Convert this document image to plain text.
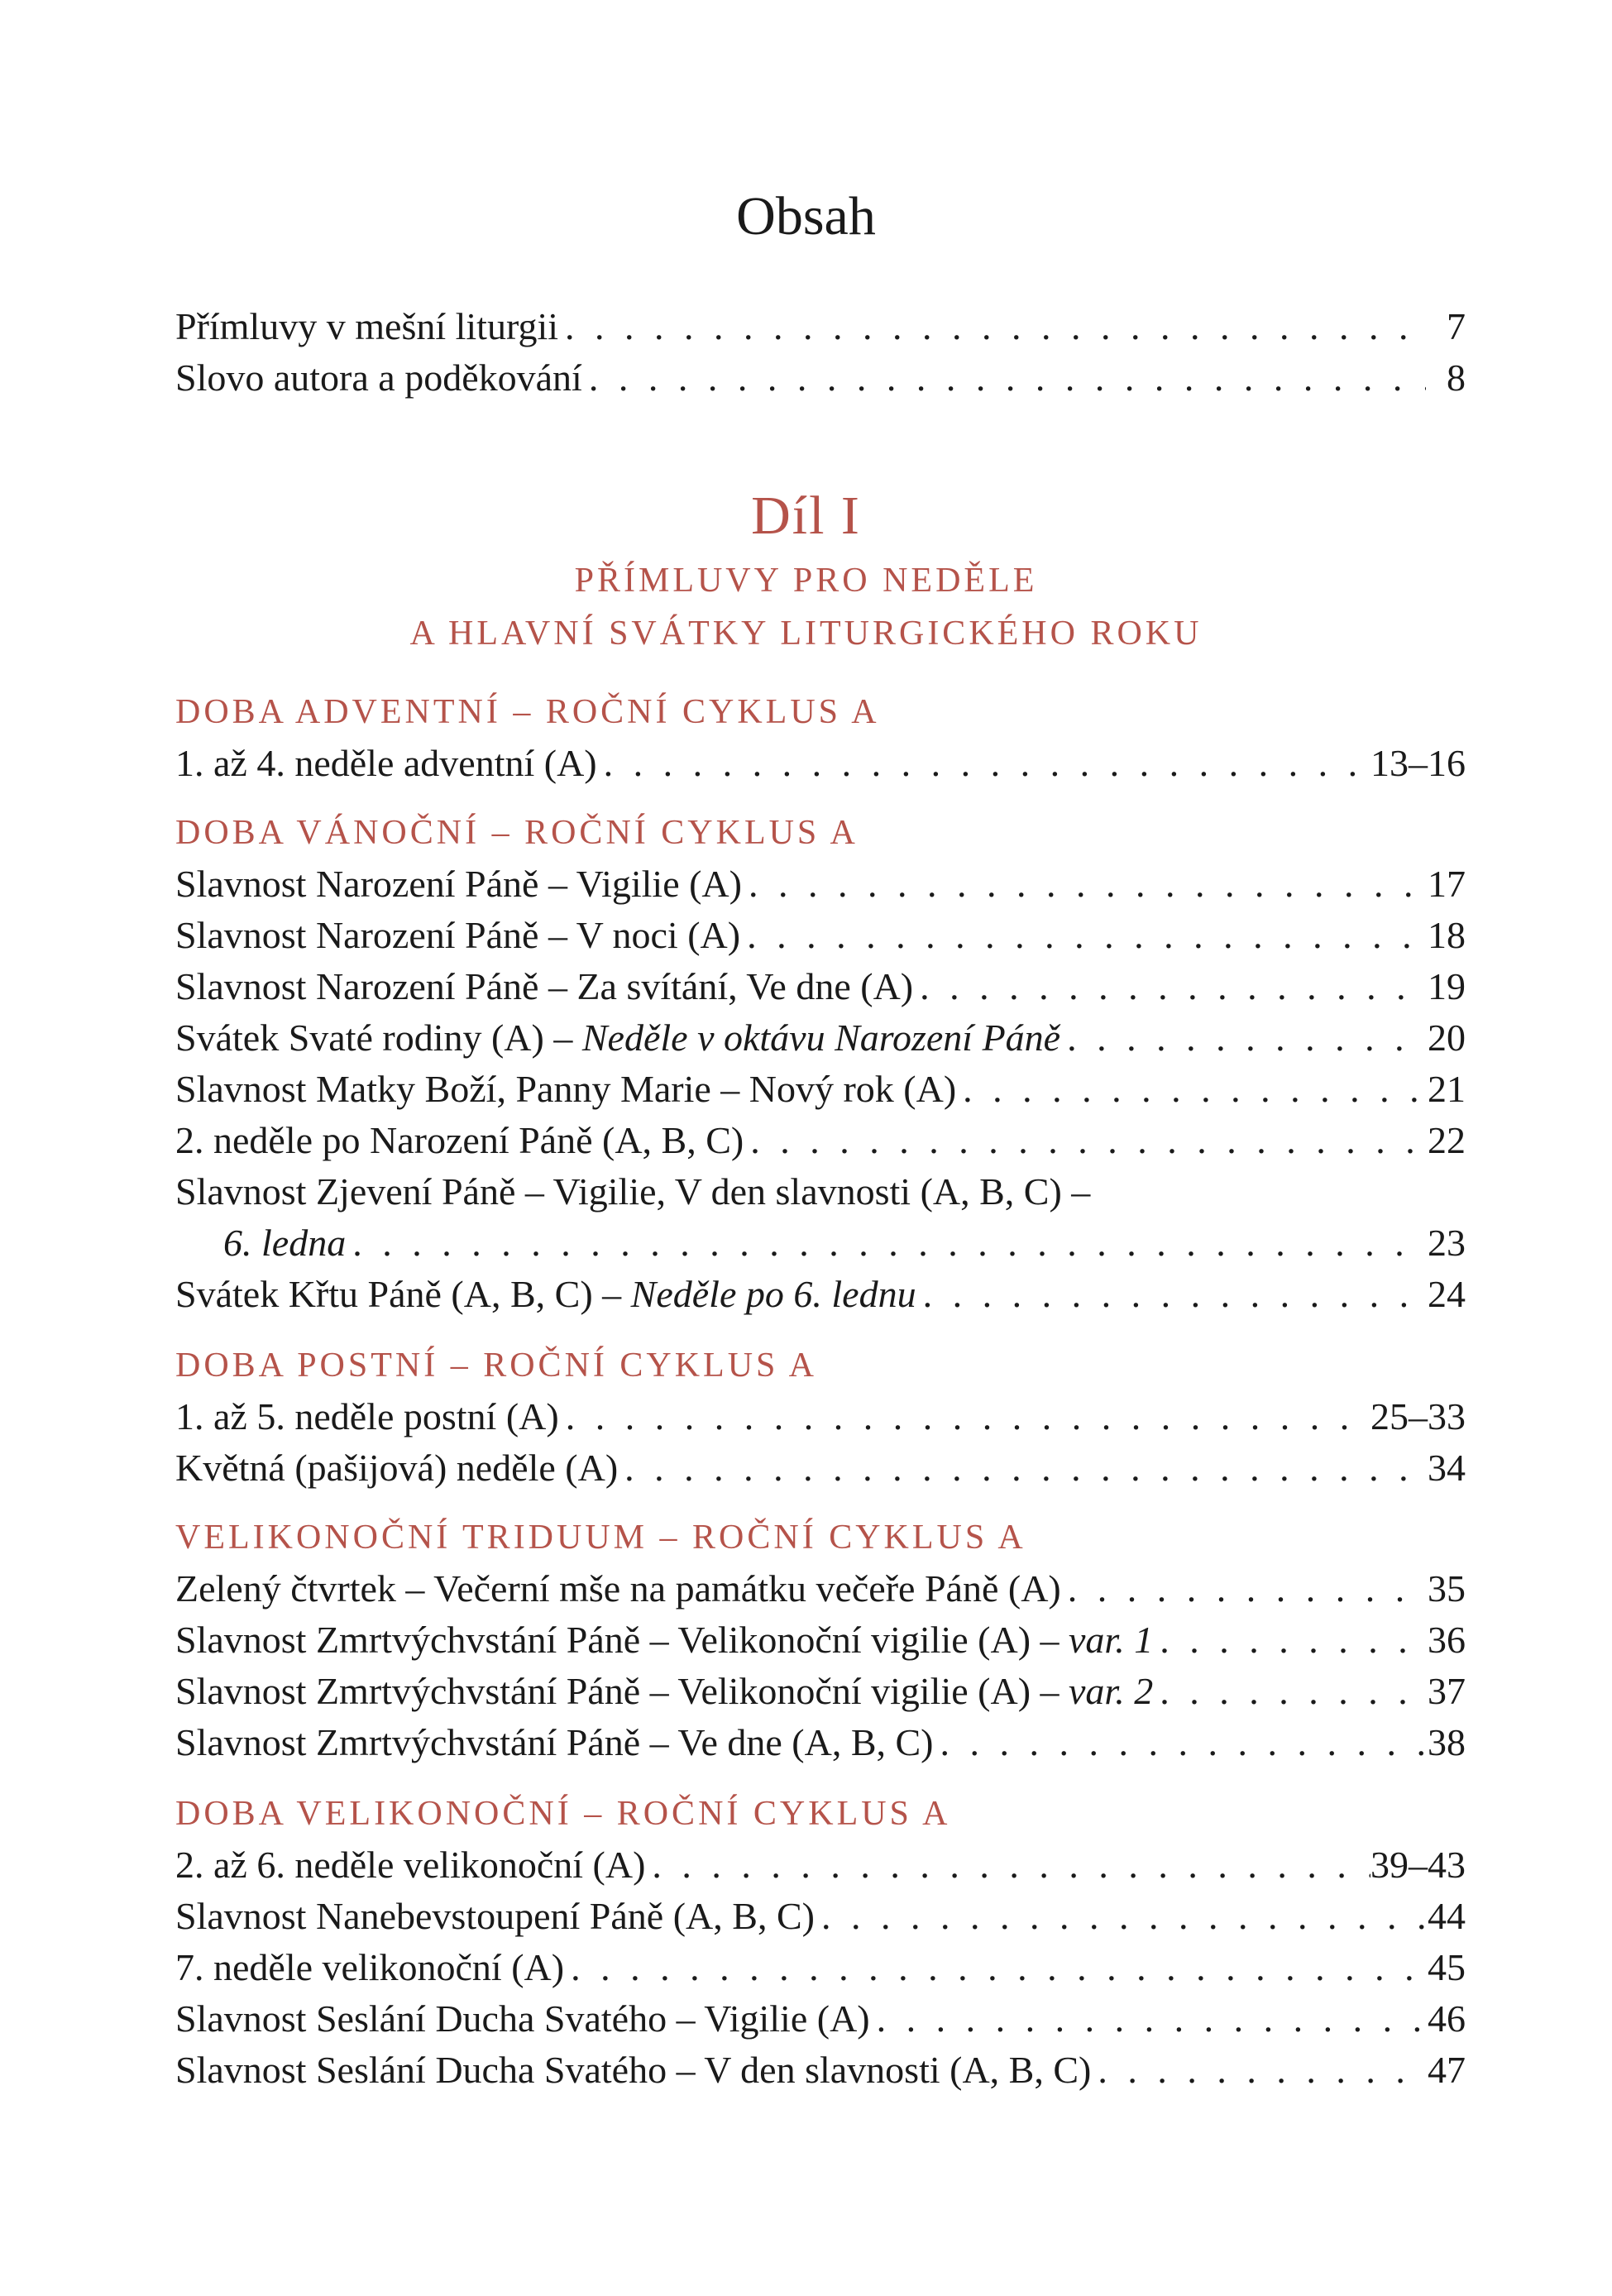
Obsah
Přímluvy v mešní liturgii . . .	7
Slovo autora a poděkování . . .	8
Díl I
PŘÍMLUVY PRO NEDĚLE
A HLAVNÍ SVÁTKY LITURGICKÉHO ROKU
DOBA ADVENTNÍ – ROČNÍ CYKLUS A
1. až 4. neděle adventní (A) . . .	13–16
DOBA VÁNOČNÍ – ROČNÍ CYKLUS A
Slavnost Narození Páně – Vigilie (A) . . .	17
Slavnost Narození Páně – V noci (A) . . .	18
Slavnost Narození Páně – Za svítání, Ve dne (A) . . .	19
Svátek Svaté rodiny (A) – Neděle v oktávu Narození Páně . . .	20
Slavnost Matky Boží, Panny Marie – Nový rok (A) . . .	21
2. neděle po Narození Páně (A, B, C) . . .	22
Slavnost Zjevení Páně – Vigilie, V den slavnosti (A, B, C) –
6. ledna . . .	23
Svátek Křtu Páně (A, B, C) – Neděle po 6. lednu . . .	24
DOBA POSTNÍ – ROČNÍ CYKLUS A
1. až 5. neděle postní (A) . . .	25–33
Květná (pašijová) neděle (A) . . .	34
VELIKONOČNÍ TRIDUUM – ROČNÍ CYKLUS A
Zelený čtvrtek – Večerní mše na památku večeře Páně (A) . . .	35
Slavnost Zmrtvýchvstání Páně – Velikonoční vigilie (A) – var. 1 . . .	36
Slavnost Zmrtvýchvstání Páně – Velikonoční vigilie (A) – var. 2 . . .	37
Slavnost Zmrtvýchvstání Páně – Ve dne (A, B, C) . . .	38
DOBA VELIKONOČNÍ – ROČNÍ CYKLUS A
2. až 6. neděle velikonoční (A) . . .	39–43
Slavnost Nanebevstoupení Páně (A, B, C) . . .	44
7. neděle velikonoční (A) . . .	45
Slavnost Seslání Ducha Svatého – Vigilie (A) . . .	46
Slavnost Seslání Ducha Svatého – V den slavnosti (A, B, C) . . .	47
